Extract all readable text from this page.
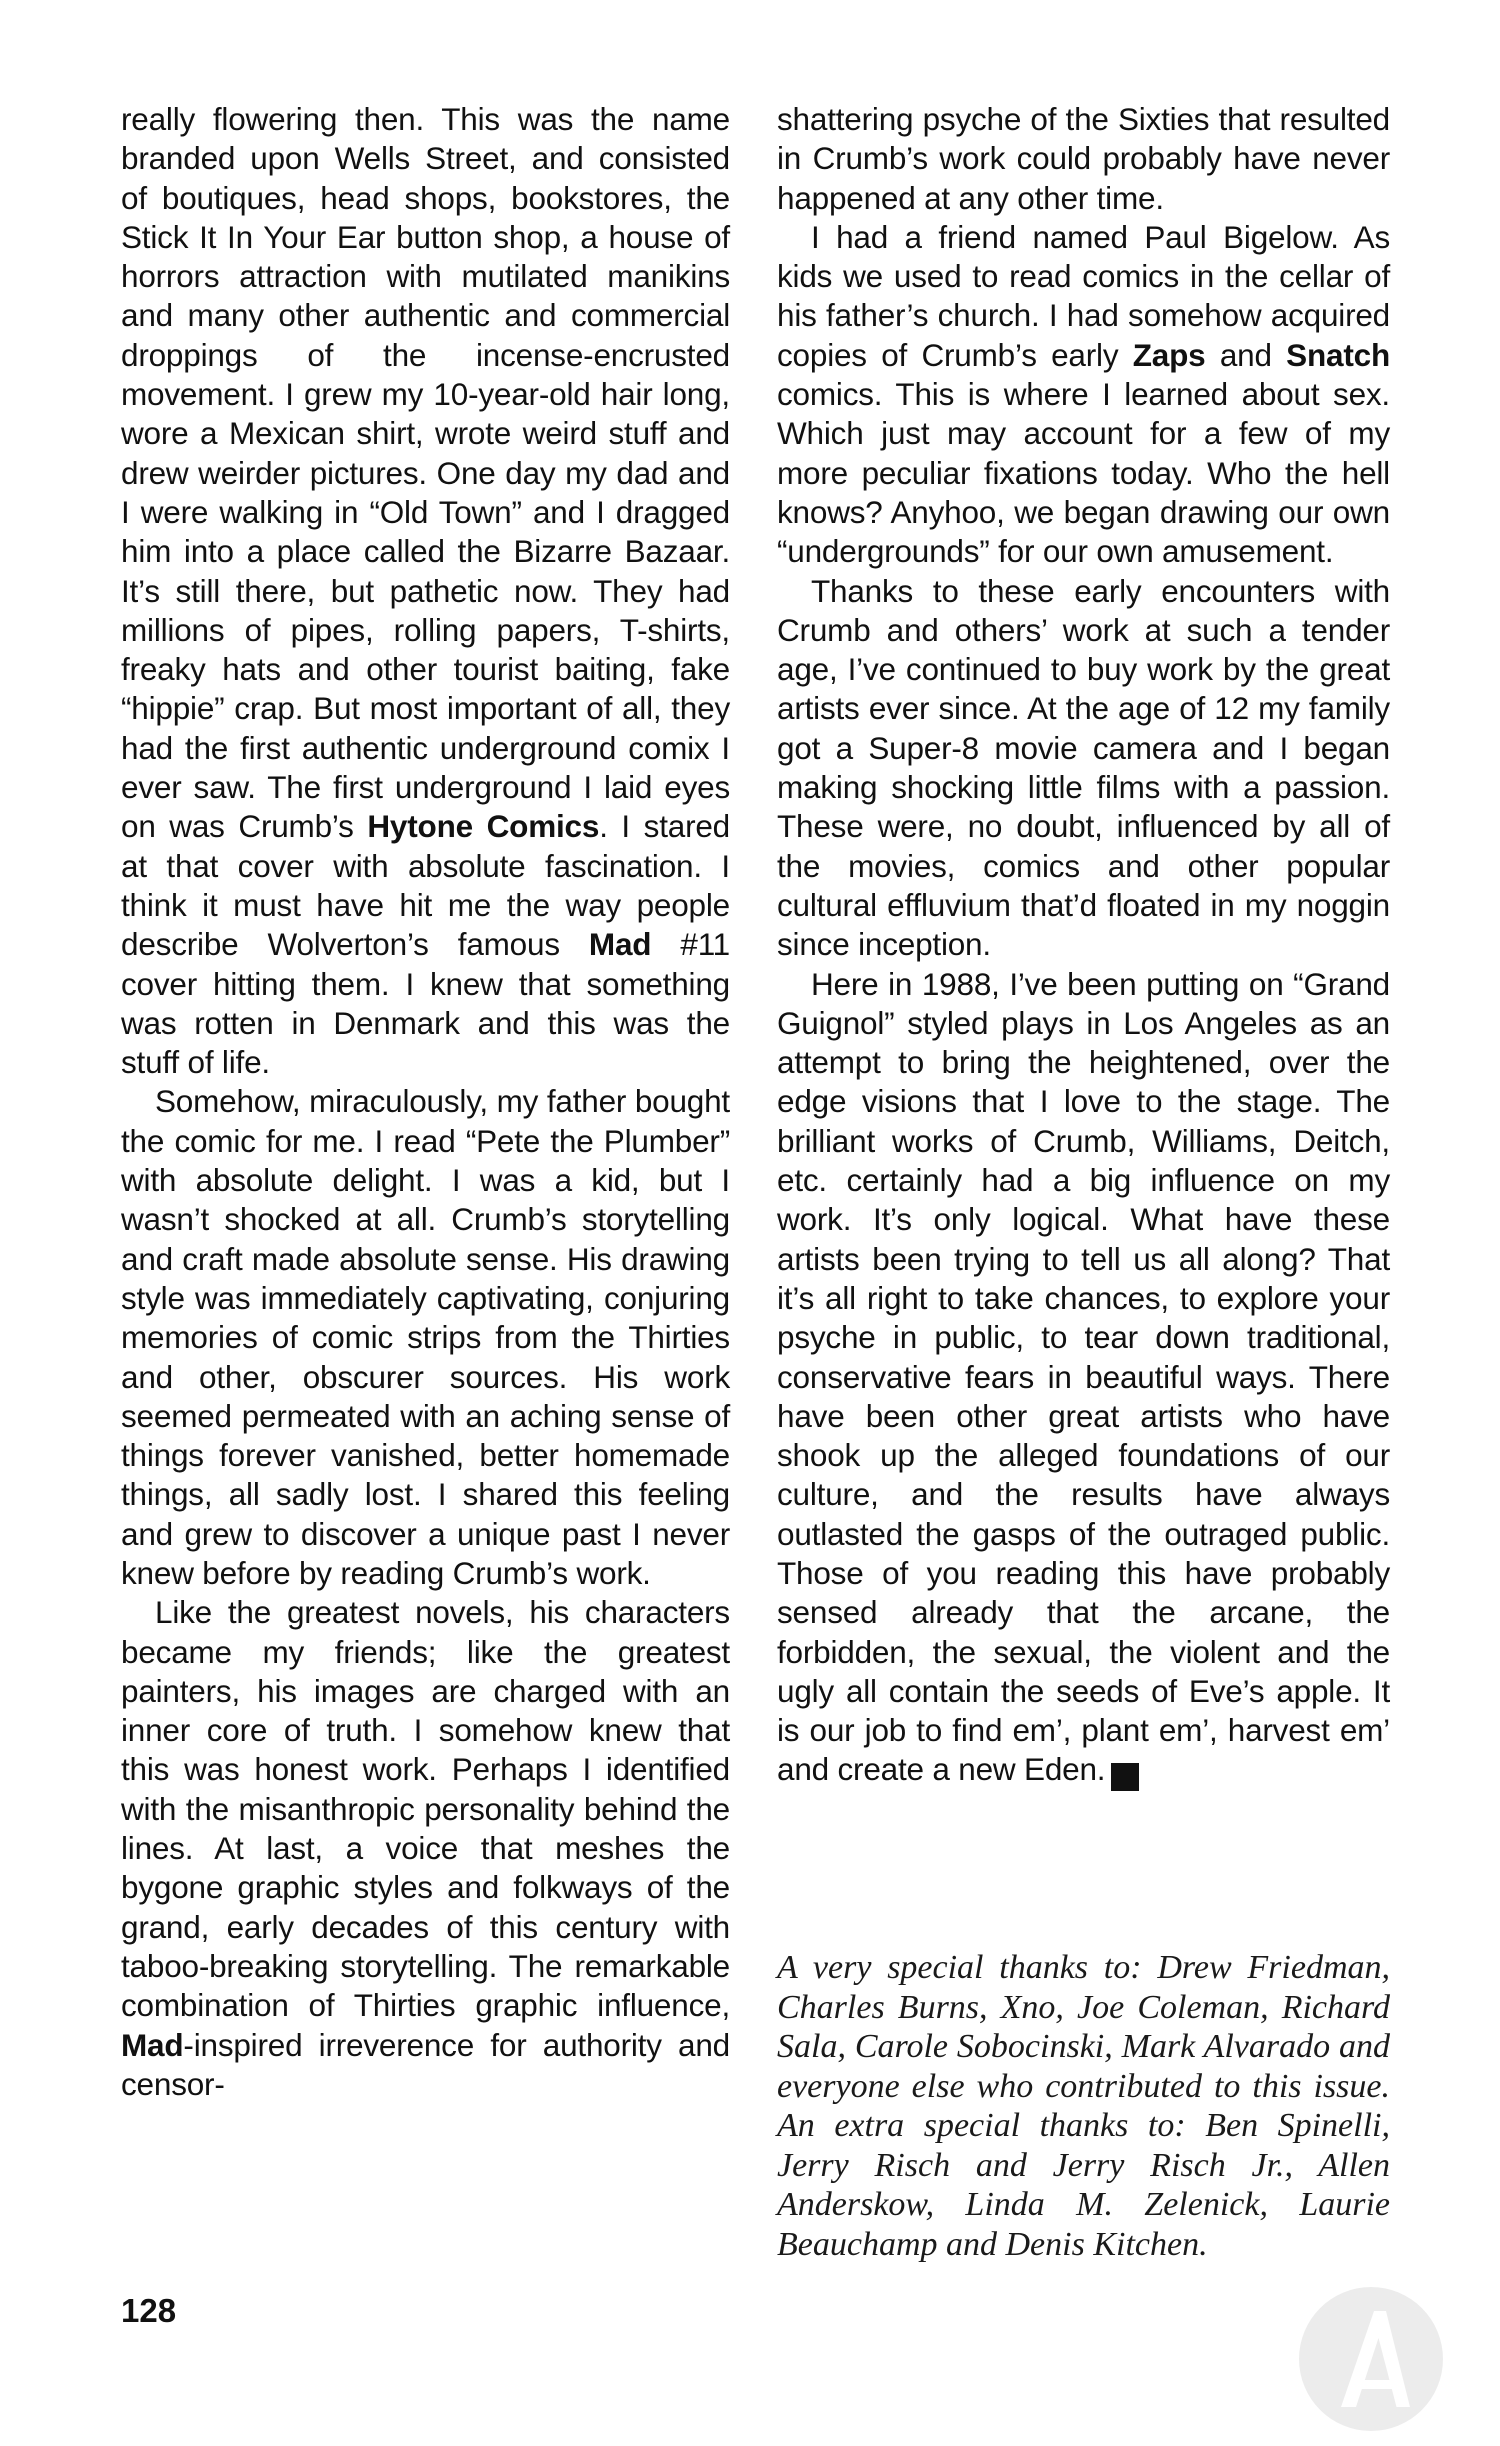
really flowering then. This was the name branded upon Wells Street, and consisted of boutiques, head shops, bookstores, the Stick It In Your Ear button shop, a house of horrors attraction with mutilated manikins and many other authentic and commercial droppings of the incense-encrusted movement. I grew my 10-year-old hair long, wore a Mexican shirt, wrote weird stuff and drew weirder pictures. One day my dad and I were walking in “Old Town” and I dragged him into a place called the Bizarre Bazaar. It’s still there, but pathetic now. They had millions of pipes, rolling papers, T-shirts, freaky hats and other tourist baiting, fake “hippie” crap. But most important of all, they had the first authentic underground comix I ever saw. The first underground I laid eyes on was Crumb’s Hytone Comics. I stared at that cover with absolute fascination. I think it must have hit me the way people describe Wolverton’s famous Mad #11 cover hitting them. I knew that something was rotten in Denmark and this was the stuff of life.

Somehow, miraculously, my father bought the comic for me. I read “Pete the Plumber” with absolute delight. I was a kid, but I wasn’t shocked at all. Crumb’s storytelling and craft made absolute sense. His drawing style was immediately captivating, conjuring memories of comic strips from the Thirties and other, obscurer sources. His work seemed permeated with an aching sense of things forever vanished, better homemade things, all sadly lost. I shared this feeling and grew to discover a unique past I never knew before by reading Crumb’s work.

Like the greatest novels, his characters became my friends; like the greatest painters, his images are charged with an inner core of truth. I somehow knew that this was honest work. Perhaps I identified with the misanthropic personality behind the lines. At last, a voice that meshes the bygone graphic styles and folkways of the grand, early decades of this century with taboo-breaking storytelling. The remarkable combination of Thirties graphic influence, Mad-inspired irreverence for authority and censor-

shattering psyche of the Sixties that resulted in Crumb’s work could probably have never happened at any other time.

I had a friend named Paul Bigelow. As kids we used to read comics in the cellar of his father’s church. I had somehow acquired copies of Crumb’s early Zaps and Snatch comics. This is where I learned about sex. Which just may account for a few of my more peculiar fixations today. Who the hell knows? Anyhoo, we began drawing our own “undergrounds” for our own amusement.

Thanks to these early encounters with Crumb and others’ work at such a tender age, I’ve continued to buy work by the great artists ever since. At the age of 12 my family got a Super-8 movie camera and I began making shocking little films with a passion. These were, no doubt, influenced by all of the movies, comics and other popular cultural effluvium that’d floated in my noggin since inception.

Here in 1988, I’ve been putting on “Grand Guignol” styled plays in Los Angeles as an attempt to bring the heightened, over the edge visions that I love to the stage. The brilliant works of Crumb, Williams, Deitch, etc. certainly had a big influence on my work. It’s only logical. What have these artists been trying to tell us all along? That it’s all right to take chances, to explore your psyche in public, to tear down traditional, conservative fears in beautiful ways. There have been other great artists who have shook up the alleged foundations of our culture, and the results have always outlasted the gasps of the outraged public. Those of you reading this have probably sensed already that the arcane, the forbidden, the sexual, the violent and the ugly all contain the seeds of Eve’s apple. It is our job to find em’, plant em’, harvest em’ and create a new Eden. LB

A very special thanks to: Drew Friedman, Charles Burns, Xno, Joe Coleman, Richard Sala, Carole Sobocinski, Mark Alvarado and everyone else who contributed to this issue. An extra special thanks to: Ben Spinelli, Jerry Risch and Jerry Risch Jr., Allen Anderskow, Linda M. Zelenick, Laurie Beauchamp and Denis Kitchen.
128
